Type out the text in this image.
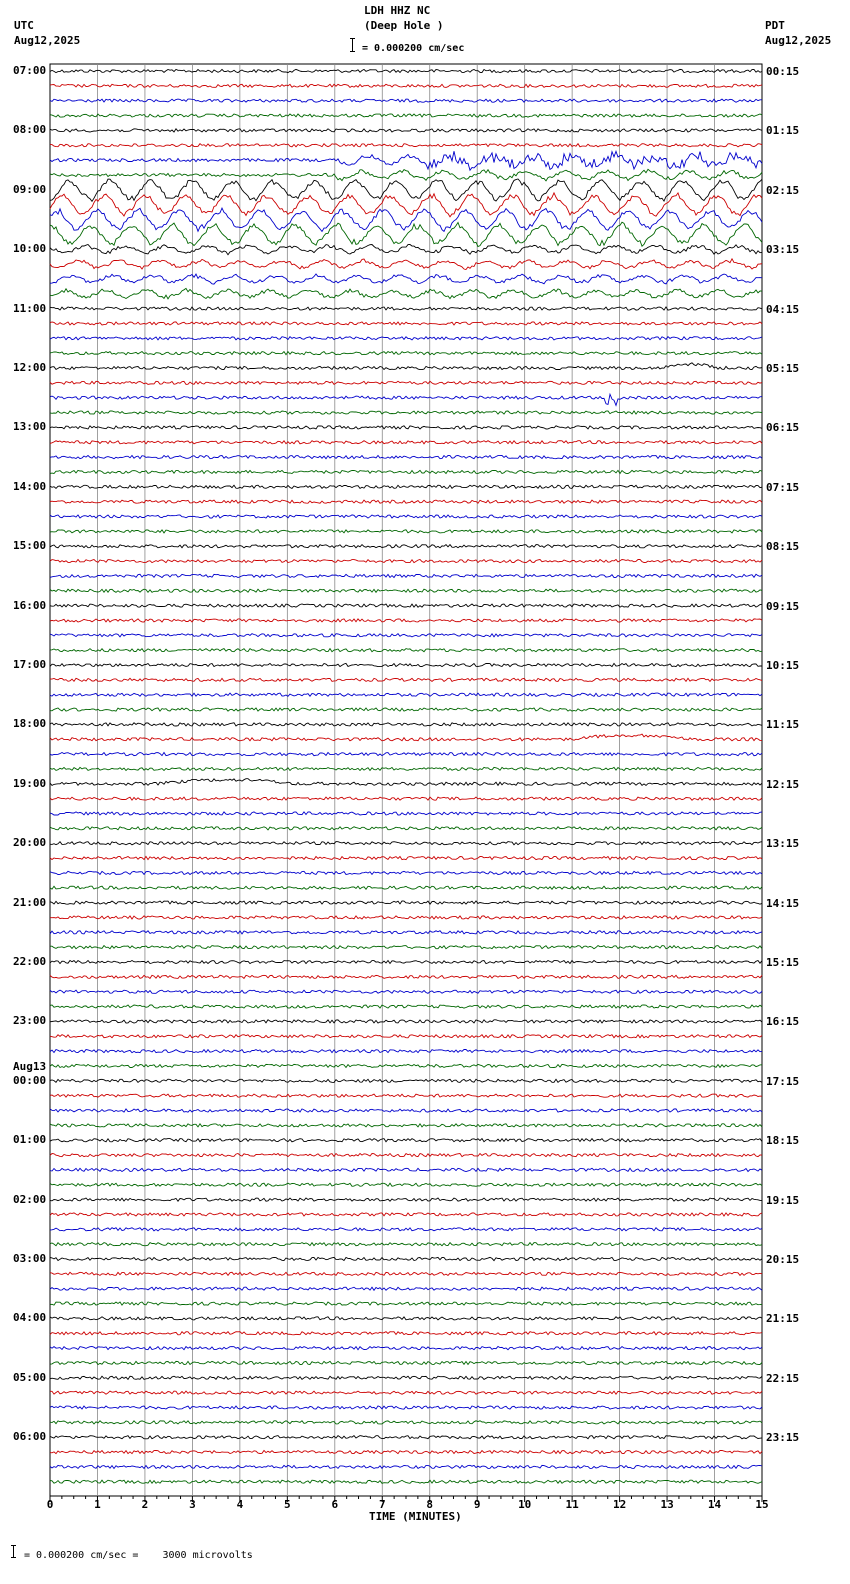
LDH HHZ NC
(Deep Hole )
= 0.000200 cm/sec
UTC
Aug12,2025
PDT
Aug12,2025
07:00
08:00
09:00
10:00
11:00
12:00
13:00
14:00
15:00
16:00
17:00
18:00
19:00
20:00
21:00
22:00
23:00
00:00
Aug13
01:00
02:00
03:00
04:00
05:00
06:00
00:15
01:15
02:15
03:15
04:15
05:15
06:15
07:15
08:15
09:15
10:15
11:15
12:15
13:15
14:15
15:15
16:15
17:15
18:15
19:15
20:15
21:15
22:15
23:15
0	1	2	3	4	5	6	7	8	9	10	11	12	13	14	15
TIME (MINUTES)
= 0.000200 cm/sec =    3000 microvolts
